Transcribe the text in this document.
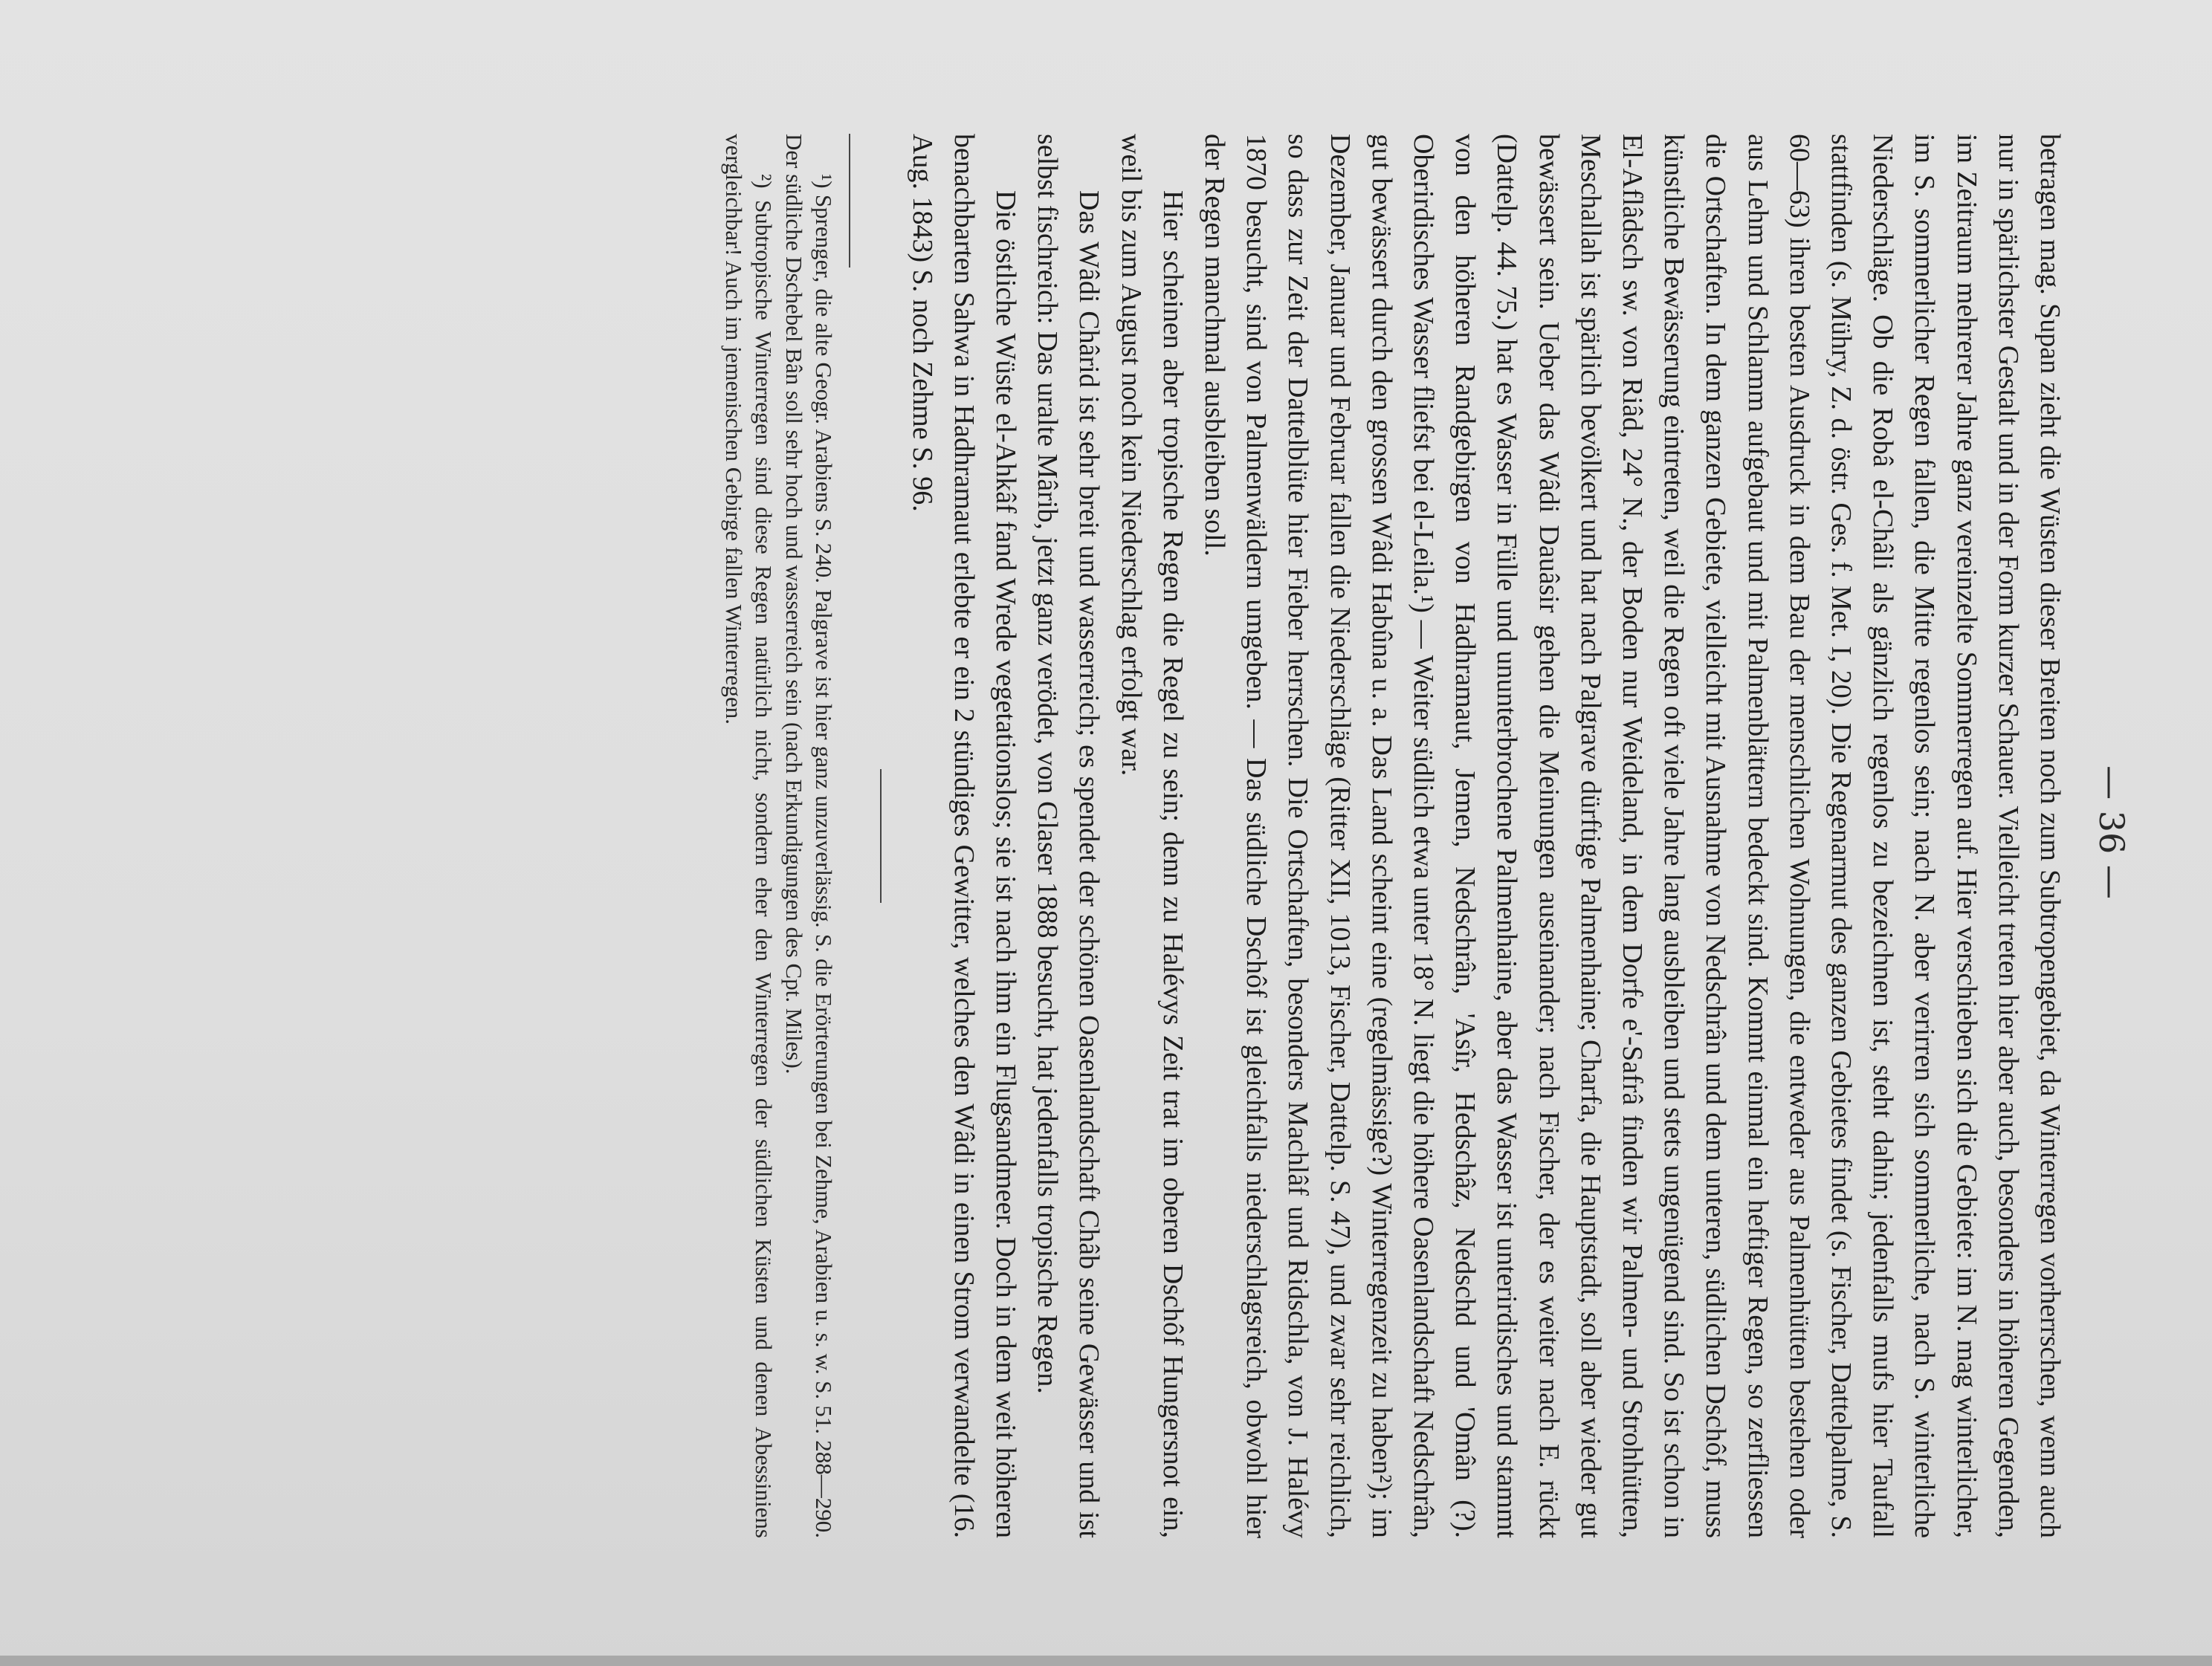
— 36 —

betragen mag. Supan zieht die Wüsten dieser Breiten noch zum Subtropengebiet, da Winterregen vorherrschen, wenn auch nur in spärlichster Gestalt und in der Form kurzer Schauer. Vielleicht treten hier aber auch, besonders in höheren Gegenden, im Zeitraum mehrerer Jahre ganz vereinzelte Sommerregen auf. Hier verschieben sich die Gebiete: im N. mag winterlicher, im S. sommerlicher Regen fallen, die Mitte regenlos sein; nach N. aber verirren sich sommerliche, nach S. winterliche Niederschläge. Ob die Robâ el-Châli als gänzlich regenlos zu bezeichnen ist, steht dahin; jedenfalls mufs hier Taufall stattfinden (s. Mühry, Z. d. östr. Ges. f. Met. I, 20). Die Regenarmut des ganzen Gebietes findet (s. Fischer, Dattelpalme, S. 60—63) ihren besten Ausdruck in dem Bau der menschlichen Wohnungen, die entweder aus Palmenhütten bestehen oder aus Lehm und Schlamm aufgebaut und mit Palmenblättern bedeckt sind. Kommt einmal ein heftiger Regen, so zerfliessen die Ortschaften. In dem ganzen Gebiete, vielleicht mit Ausnahme von Nedschrân und dem unteren, südlichen Dschôf, muss künstliche Bewässerung eintreten, weil die Regen oft viele Jahre lang ausbleiben und stets ungenügend sind. So ist schon in El-Aflâdsch sw. von Riâd, 24° N., der Boden nur Weideland, in dem Dorfe e'-Safrâ finden wir Palmen- und Strohhütten, Meschallah ist spärlich bevölkert und hat nach Palgrave dürftige Palmenhaine; Charfa, die Hauptstadt, soll aber wieder gut bewässert sein. Ueber das Wâdi Dauâsir gehen die Meinungen auseinander; nach Fischer, der es weiter nach E. rückt (Dattelp. 44. 75.) hat es Wasser in Fülle und ununterbrochene Palmenhaine, aber das Wasser ist unterirdisches und stammt von den höheren Randgebirgen von Hadhramaut, Jemen, Nedschrân, 'Asîr, Hedschâz, Nedschd und 'Omân (?). Oberirdisches Wasser fliefst bei el-Leila.¹) — Weiter südlich etwa unter 18° N. liegt die höhere Oasenlandschaft Nedschrân, gut bewässert durch den grossen Wâdi Habûna u. a. Das Land scheint eine (regelmässige?) Winterregenzeit zu haben²); im Dezember, Januar und Februar fallen die Niederschläge (Ritter XII, 1013, Fischer, Dattelp. S. 47), und zwar sehr reichlich, so dass zur Zeit der Dattelblüte hier Fieber herrschen. Die Ortschaften, besonders Machlâf und Ridschla, von J. Halévy 1870 besucht, sind von Palmenwäldern umgeben. — Das südliche Dschôf ist gleichfalls niederschlagsreich, obwohl hier der Regen manchmal ausbleiben soll.

Hier scheinen aber tropische Regen die Regel zu sein; denn zu Halévys Zeit trat im oberen Dschôf Hungersnot ein, weil bis zum August noch kein Niederschlag erfolgt war.

Das Wâdi Chârid ist sehr breit und wasserreich; es spendet der schönen Oasenlandschaft Châb seine Gewässer und ist selbst fischreich: Das uralte Mârib, jetzt ganz verödet, von Glaser 1888 besucht, hat jedenfalls tropische Regen.

Die östliche Wüste el-Ahkâf fand Wrede vegetationslos; sie ist nach ihm ein Flugsandmeer. Doch in dem weit höheren benachbarten Sahwa in Hadhramaut erlebte er ein 2 stündiges Gewitter, welches den Wâdi in einen Strom verwandelte (16. Aug. 1843) S. noch Zehme S. 96.

¹) Sprenger, die alte Geogr. Arabiens S. 240. Palgrave ist hier ganz unzuverlässig. S. die Erörterungen bei Zehme, Arabien u. s. w. S. 51. 288—290. Der südliche Dschebel Bân soll sehr hoch und wasserreich sein (nach Erkundigungen des Cpt. Miles).

²) Subtropische Winterregen sind diese Regen natürlich nicht, sondern eher den Winterregen der südlichen Küsten und denen Abessiniens vergleichbar! Auch im jemenischen Gebirge fallen Winterregen.
